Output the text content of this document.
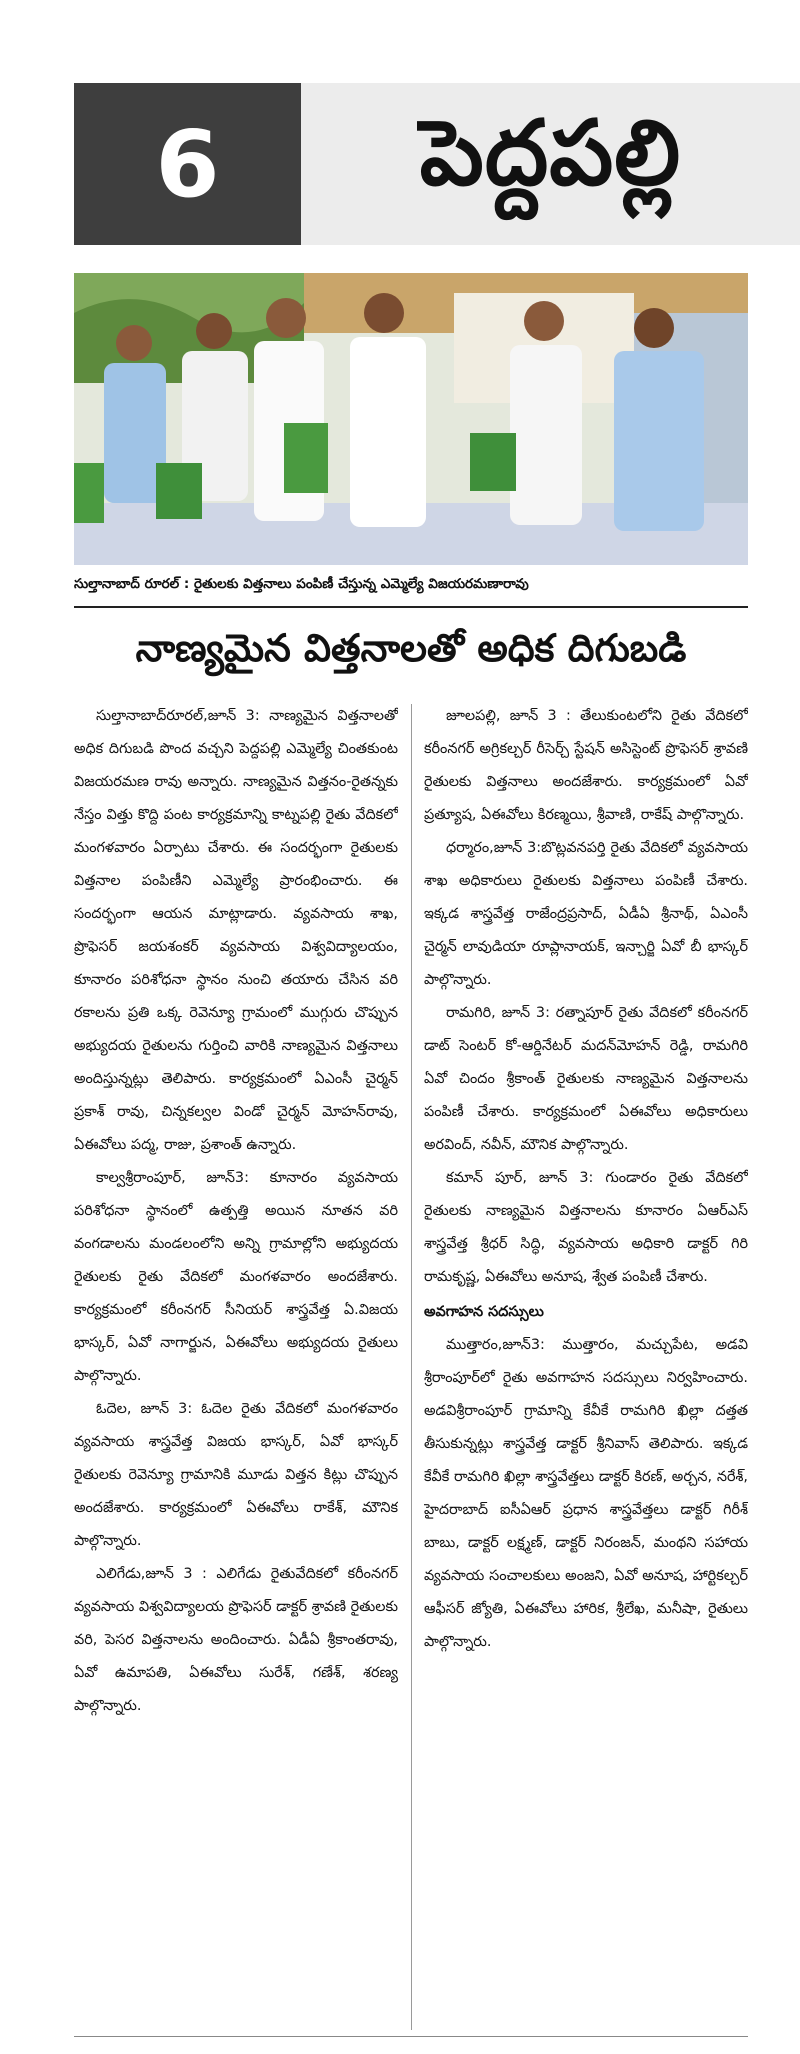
6	పెద్దపల్లి
సుల్తానాబాద్ రూరల్ : రైతులకు విత్తనాలు పంపిణీ చేస్తున్న ఎమ్మెల్యే విజయరమణారావు
నాణ్యమైన విత్తనాలతో అధిక దిగుబడి

సుల్తానాబాద్‌రూరల్,జూన్ 3: నాణ్యమైన విత్తనాలతో అధిక దిగుబడి పొంద వచ్చని పెద్దపల్లి ఎమ్మెల్యే చింతకుంట విజయరమణ రావు అన్నారు. నాణ్యమైన విత్తనం-రైతన్నకు నేస్తం విత్తు కొద్ది పంట కార్యక్రమాన్ని కాట్నపల్లి రైతు వేదికలో మంగళవారం ఏర్పాటు చేశారు. ఈ సందర్భంగా రైతులకు విత్తనాల పంపిణీని ఎమ్మెల్యే ప్రారంభించారు. ఈ సందర్భంగా ఆయన మాట్లాడారు. వ్యవసాయ శాఖ, ప్రొఫెసర్ జయశంకర్ వ్యవసాయ విశ్వవిద్యాలయం, కూనారం పరిశోధనా స్థానం నుంచి తయారు చేసిన వరి రకాలను ప్రతి ఒక్క రెవెన్యూ గ్రామంలో ముగ్గురు చొప్పున అభ్యుదయ రైతులను గుర్తించి వారికి నాణ్యమైన విత్తనాలు అందిస్తున్నట్లు తెలిపారు. కార్యక్రమంలో ఏఎంసీ చైర్మన్ ప్రకాశ్ రావు, చిన్నకల్వల విండో చైర్మన్ మోహన్‌రావు, ఏఈవోలు పద్మ, రాజు, ప్రశాంత్ ఉన్నారు.

కాల్వశ్రీరాంపూర్, జూన్3: కూనారం వ్యవసాయ పరిశోధనా స్థానంలో ఉత్పత్తి అయిన నూతన వరి వంగడాలను మండలంలోని అన్ని గ్రామాల్లోని అభ్యుదయ రైతులకు రైతు వేదికలో మంగళవారం అందజేశారు. కార్యక్రమంలో కరీంనగర్ సీనియర్ శాస్త్రవేత్త ఏ.విజయ భాస్కర్, ఏవో నాగార్జున, ఏఈవోలు అభ్యుదయ రైతులు పాల్గొన్నారు.

ఓదెల, జూన్ 3: ఓదెల రైతు వేదికలో మంగళవారం వ్యవసాయ శాస్త్రవేత్త విజయ భాస్కర్, ఏవో భాస్కర్ రైతులకు రెవెన్యూ గ్రామానికి మూడు విత్తన కిట్లు చొప్పున అందజేశారు. కార్యక్రమంలో ఏఈవోలు రాకేశ్, మౌనిక పాల్గొన్నారు.

ఎలిగేడు,జూన్ 3 : ఎలిగేడు రైతువేదికలో కరీంనగర్ వ్యవసాయ విశ్వవిద్యాలయ ప్రొఫెసర్ డాక్టర్ శ్రావణి రైతులకు వరి, పెసర విత్తనాలను అందించారు. ఏడీఏ శ్రీకాంతరావు, ఏవో ఉమాపతి, ఏఈవోలు సురేశ్, గణేశ్, శరణ్య పాల్గొన్నారు.

జూలపల్లి, జూన్ 3 : తేలుకుంటలోని రైతు వేదికలో కరీంనగర్ అగ్రికల్చర్ రీసెర్చ్ స్టేషన్ అసిస్టెంట్ ప్రొఫెసర్ శ్రావణి రైతులకు విత్తనాలు అందజేశారు. కార్యక్రమంలో ఏవో ప్రత్యూష, ఏఈవోలు కిరణ్మయి, శ్రీవాణి, రాకేష్ పాల్గొన్నారు.

ధర్మారం,జూన్ 3:బొట్లవనపర్తి రైతు వేదికలో వ్యవసాయ శాఖ అధికారులు రైతులకు విత్తనాలు పంపిణీ చేశారు. ఇక్కడ శాస్త్రవేత్త రాజేంద్రప్రసాద్, ఏడీఏ శ్రీనాథ్, ఏఎంసీ చైర్మన్ లావుడియా రూప్లానాయక్, ఇన్చార్జి ఏవో బీ భాస్కర్ పాల్గొన్నారు.

రామగిరి, జూన్ 3: రత్నాపూర్ రైతు వేదికలో కరీంనగర్ డాట్ సెంటర్ కో-ఆర్డినేటర్ మదన్‌మోహన్ రెడ్డి, రామగిరి ఏవో చిందం శ్రీకాంత్ రైతులకు నాణ్యమైన విత్తనాలను పంపిణీ చేశారు. కార్యక్రమంలో ఏఈవోలు అధికారులు అరవింద్, నవీన్, మౌనిక పాల్గొన్నారు.

కమాన్ పూర్, జూన్ 3: గుండారం రైతు వేదికలో రైతులకు నాణ్యమైన విత్తనాలను కూనారం ఏఆర్ఎస్ శాస్త్రవేత్త శ్రీధర్ సిద్ధి, వ్యవసాయ అధికారి డాక్టర్ గిరి రామకృష్ణ, ఏఈవోలు అనూష, శ్వేత పంపిణీ చేశారు.

అవగాహన సదస్సులు

ముత్తారం,జూన్3: ముత్తారం, మచ్చుపేట, అడవి శ్రీరాంపూర్‌లో రైతు అవగాహన సదస్సులు నిర్వహించారు. అడవిశ్రీరాంపూర్ గ్రామాన్ని కేవీకే రామగిరి ఖిల్లా దత్తత తీసుకున్నట్లు శాస్త్రవేత్త డాక్టర్ శ్రీనివాస్ తెలిపారు. ఇక్కడ కేవీకే రామగిరి ఖిల్లా శాస్త్రవేత్తలు డాక్టర్ కిరణ్, అర్చన, నరేశ్, హైదరాబాద్ ఐసీఏఆర్ ప్రధాన శాస్త్రవేత్తలు డాక్టర్ గిరీశ్ బాబు, డాక్టర్ లక్ష్మణ్, డాక్టర్ నిరంజన్, మంథని సహాయ వ్యవసాయ సంచాలకులు అంజని, ఏవో అనూష, హార్టికల్చర్ ఆఫీసర్ జ్యోతి, ఏఈవోలు హారిక, శ్రీలేఖ, మనీషా, రైతులు పాల్గొన్నారు.
